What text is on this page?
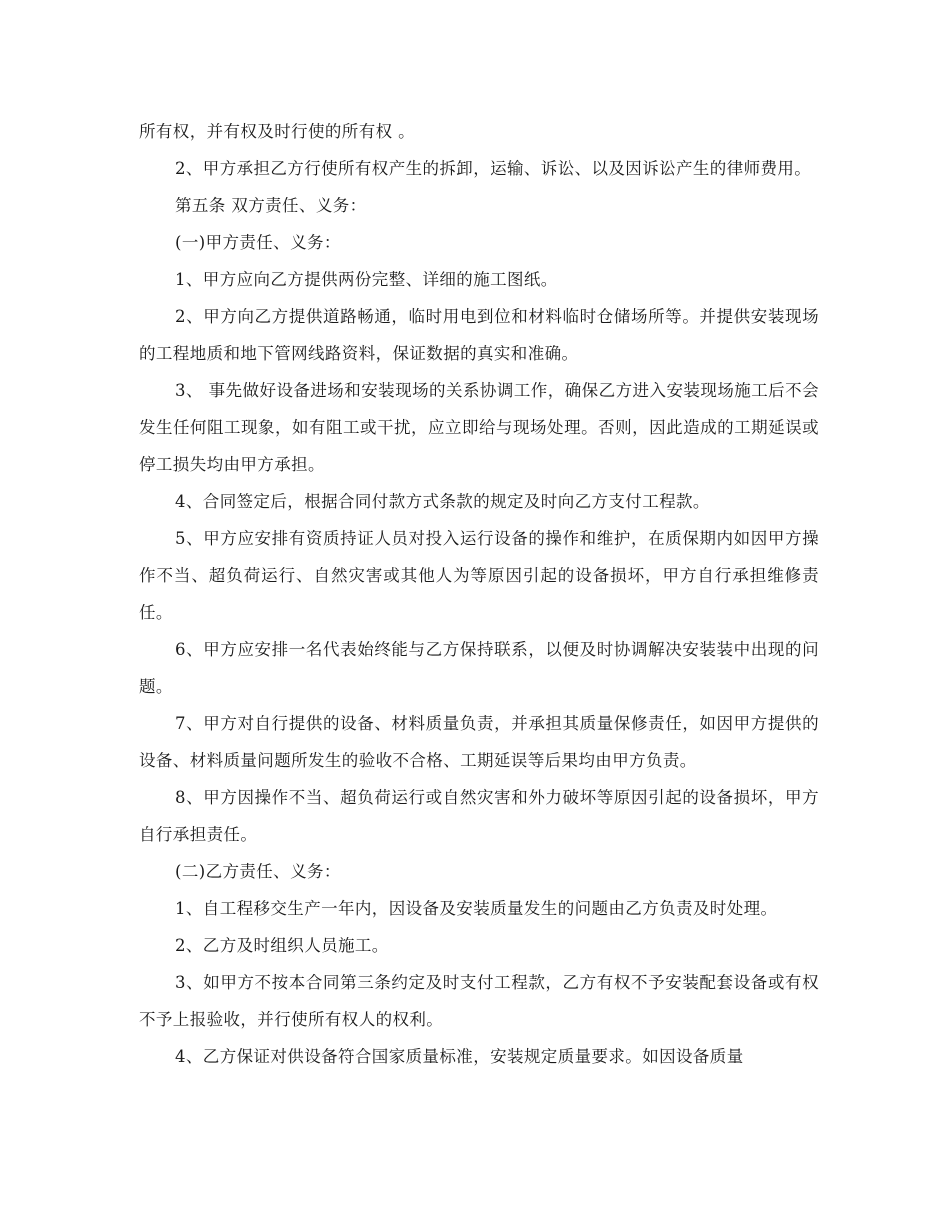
所有权，并有权及时行使的所有权 。

2、甲方承担乙方行使所有权产生的拆卸，运输、诉讼、以及因诉讼产生的律师费用。

第五条 双方责任、义务：

(一)甲方责任、义务：

1、甲方应向乙方提供两份完整、详细的施工图纸。

2、甲方向乙方提供道路畅通，临时用电到位和材料临时仓储场所等。并提供安装现场的工程地质和地下管网线路资料，保证数据的真实和准确。

3、 事先做好设备进场和安装现场的关系协调工作，确保乙方进入安装现场施工后不会发生任何阻工现象，如有阻工或干扰，应立即给与现场处理。否则，因此造成的工期延误或停工损失均由甲方承担。

4、合同签定后，根据合同付款方式条款的规定及时向乙方支付工程款。

5、甲方应安排有资质持证人员对投入运行设备的操作和维护，在质保期内如因甲方操作不当、超负荷运行、自然灾害或其他人为等原因引起的设备损坏，甲方自行承担维修责任。

6、甲方应安排一名代表始终能与乙方保持联系，以便及时协调解决安装装中出现的问题。

7、甲方对自行提供的设备、材料质量负责，并承担其质量保修责任，如因甲方提供的设备、材料质量问题所发生的验收不合格、工期延误等后果均由甲方负责。

8、甲方因操作不当、超负荷运行或自然灾害和外力破坏等原因引起的设备损坏，甲方自行承担责任。

(二)乙方责任、义务：

1、自工程移交生产一年内，因设备及安装质量发生的问题由乙方负责及时处理。

2、乙方及时组织人员施工。

3、如甲方不按本合同第三条约定及时支付工程款，乙方有权不予安装配套设备或有权不予上报验收，并行使所有权人的权利。

4、乙方保证对供设备符合国家质量标准，安装规定质量要求。如因设备质量
